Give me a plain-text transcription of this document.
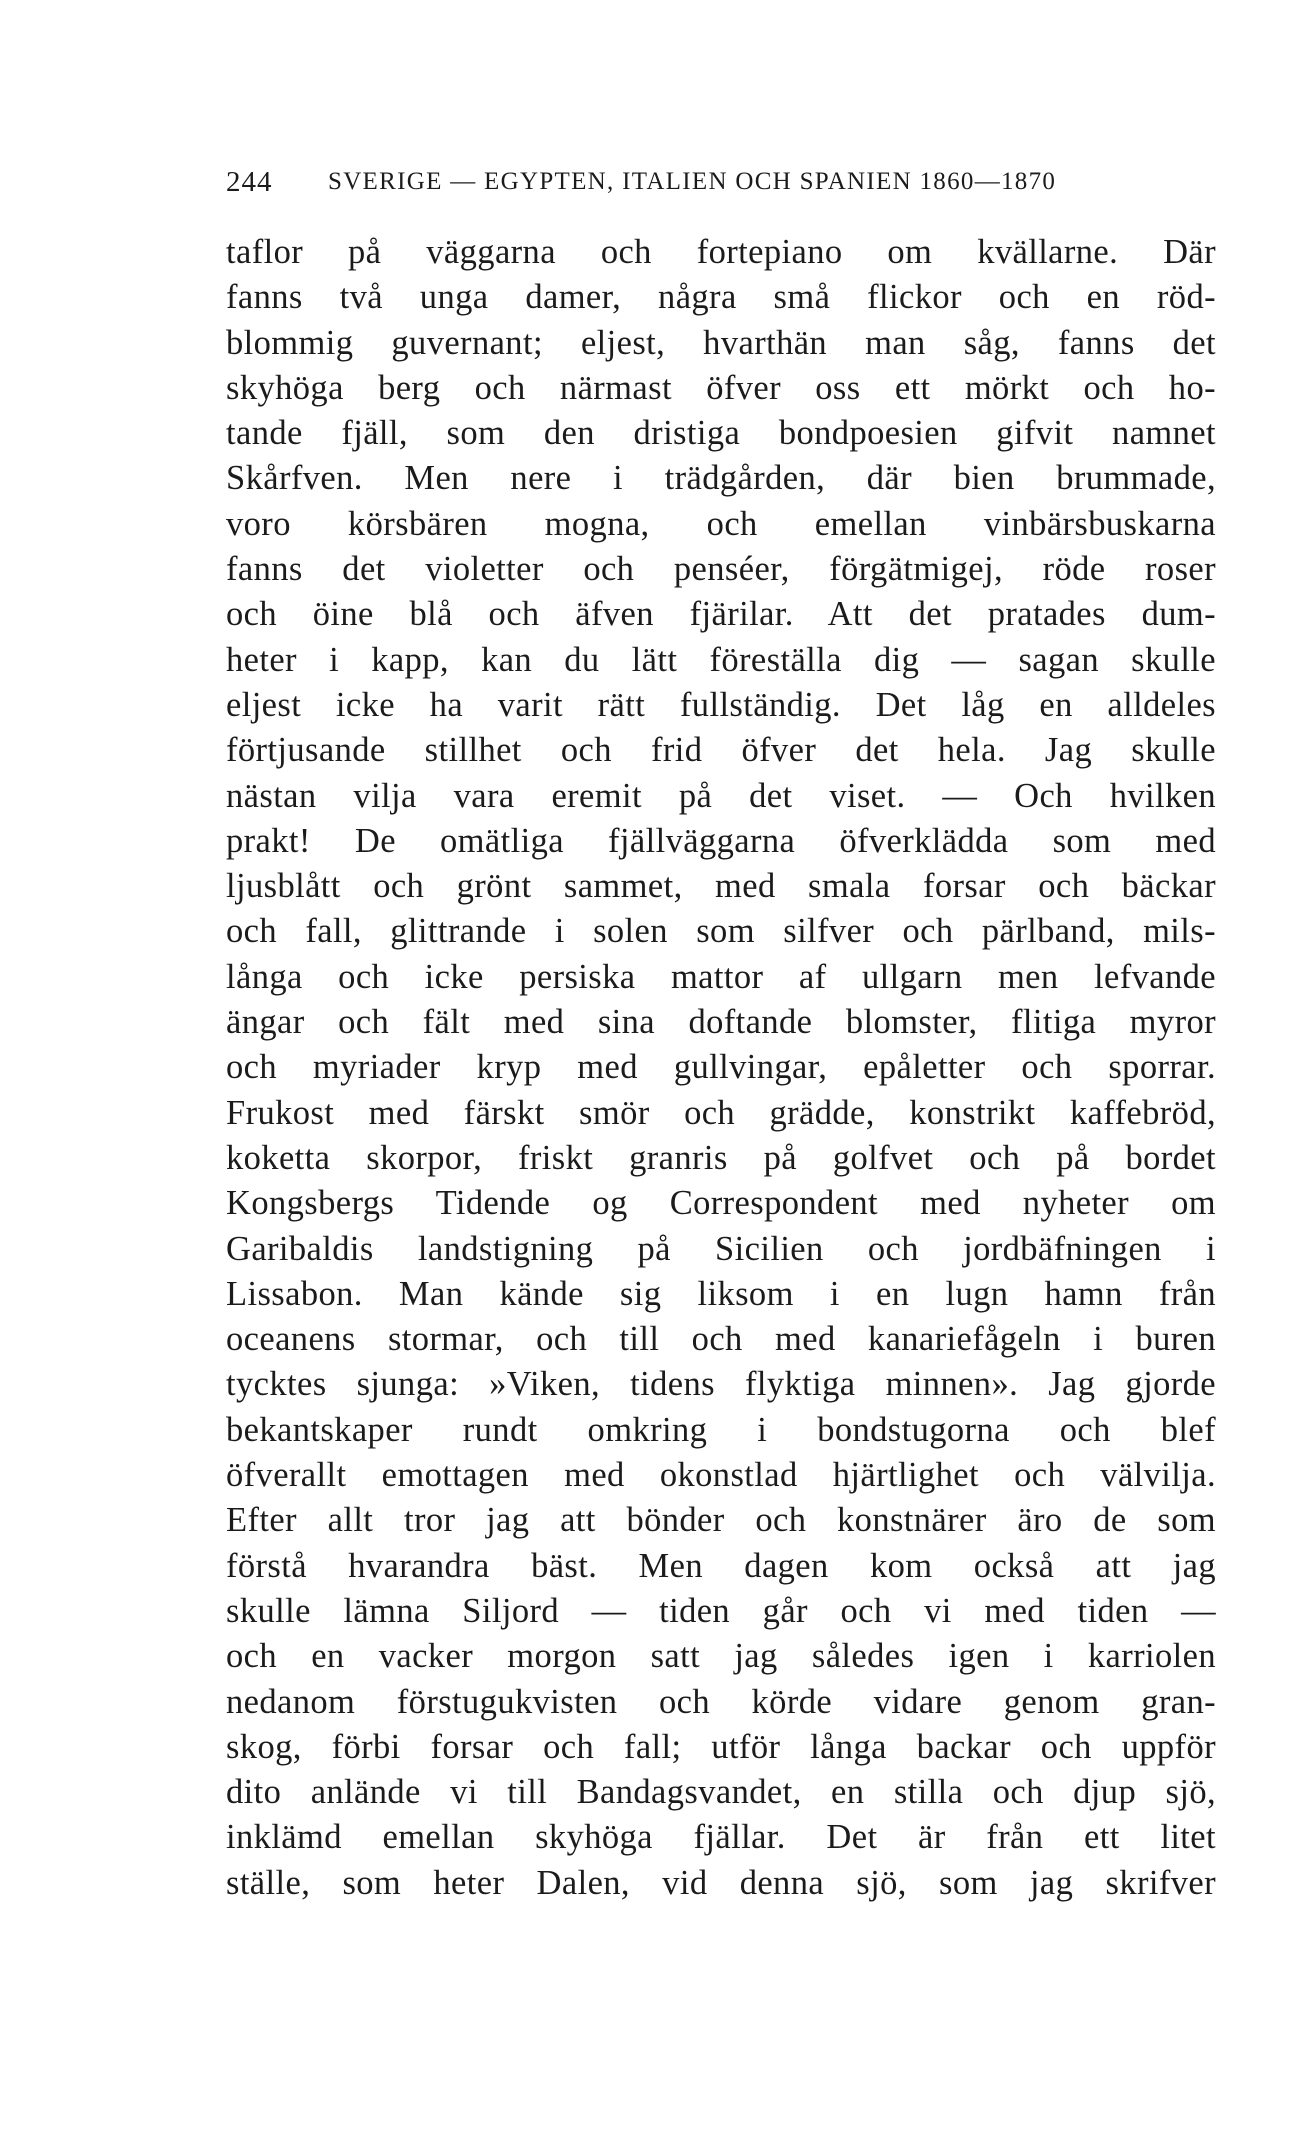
244 SVERIGE — EGYPTEN, ITALIEN OCH SPANIEN 1860—1870
taflor på väggarna och fortepiano om kvällarne. Där
fanns två unga damer, några små flickor och en röd-
blommig guvernant; eljest, hvarthän man såg, fanns det
skyhöga berg och närmast öfver oss ett mörkt och ho-
tande fjäll, som den dristiga bondpoesien gifvit namnet
Skårfven. Men nere i trädgården, där bien brummade,
voro körsbären mogna, och emellan vinbärsbuskarna
fanns det violetter och penséer, förgätmigej, röde roser
och öine blå och äfven fjärilar. Att det pratades dum-
heter i kapp, kan du lätt föreställa dig — sagan skulle
eljest icke ha varit rätt fullständig. Det låg en alldeles
förtjusande stillhet och frid öfver det hela. Jag skulle
nästan vilja vara eremit på det viset. — Och hvilken
prakt! De omätliga fjällväggarna öfverklädda som med
ljusblått och grönt sammet, med smala forsar och bäckar
och fall, glittrande i solen som silfver och pärlband, mils-
långa och icke persiska mattor af ullgarn men lefvande
ängar och fält med sina doftande blomster, flitiga myror
och myriader kryp med gullvingar, epåletter och sporrar.
Frukost med färskt smör och grädde, konstrikt kaffebröd,
koketta skorpor, friskt granris på golfvet och på bordet
Kongsbergs Tidende og Correspondent med nyheter om
Garibaldis landstigning på Sicilien och jordbäfningen i
Lissabon. Man kände sig liksom i en lugn hamn från
oceanens stormar, och till och med kanariefågeln i buren
tycktes sjunga: »Viken, tidens flyktiga minnen». Jag gjorde
bekantskaper rundt omkring i bondstugorna och blef
öfverallt emottagen med okonstlad hjärtlighet och välvilja.
Efter allt tror jag att bönder och konstnärer äro de som
förstå hvarandra bäst. Men dagen kom också att jag
skulle lämna Siljord — tiden går och vi med tiden —
och en vacker morgon satt jag således igen i karriolen
nedanom förstugukvisten och körde vidare genom gran-
skog, förbi forsar och fall; utför långa backar och uppför
dito anlände vi till Bandagsvandet, en stilla och djup sjö,
inklämd emellan skyhöga fjällar. Det är från ett litet
ställe, som heter Dalen, vid denna sjö, som jag skrifver
